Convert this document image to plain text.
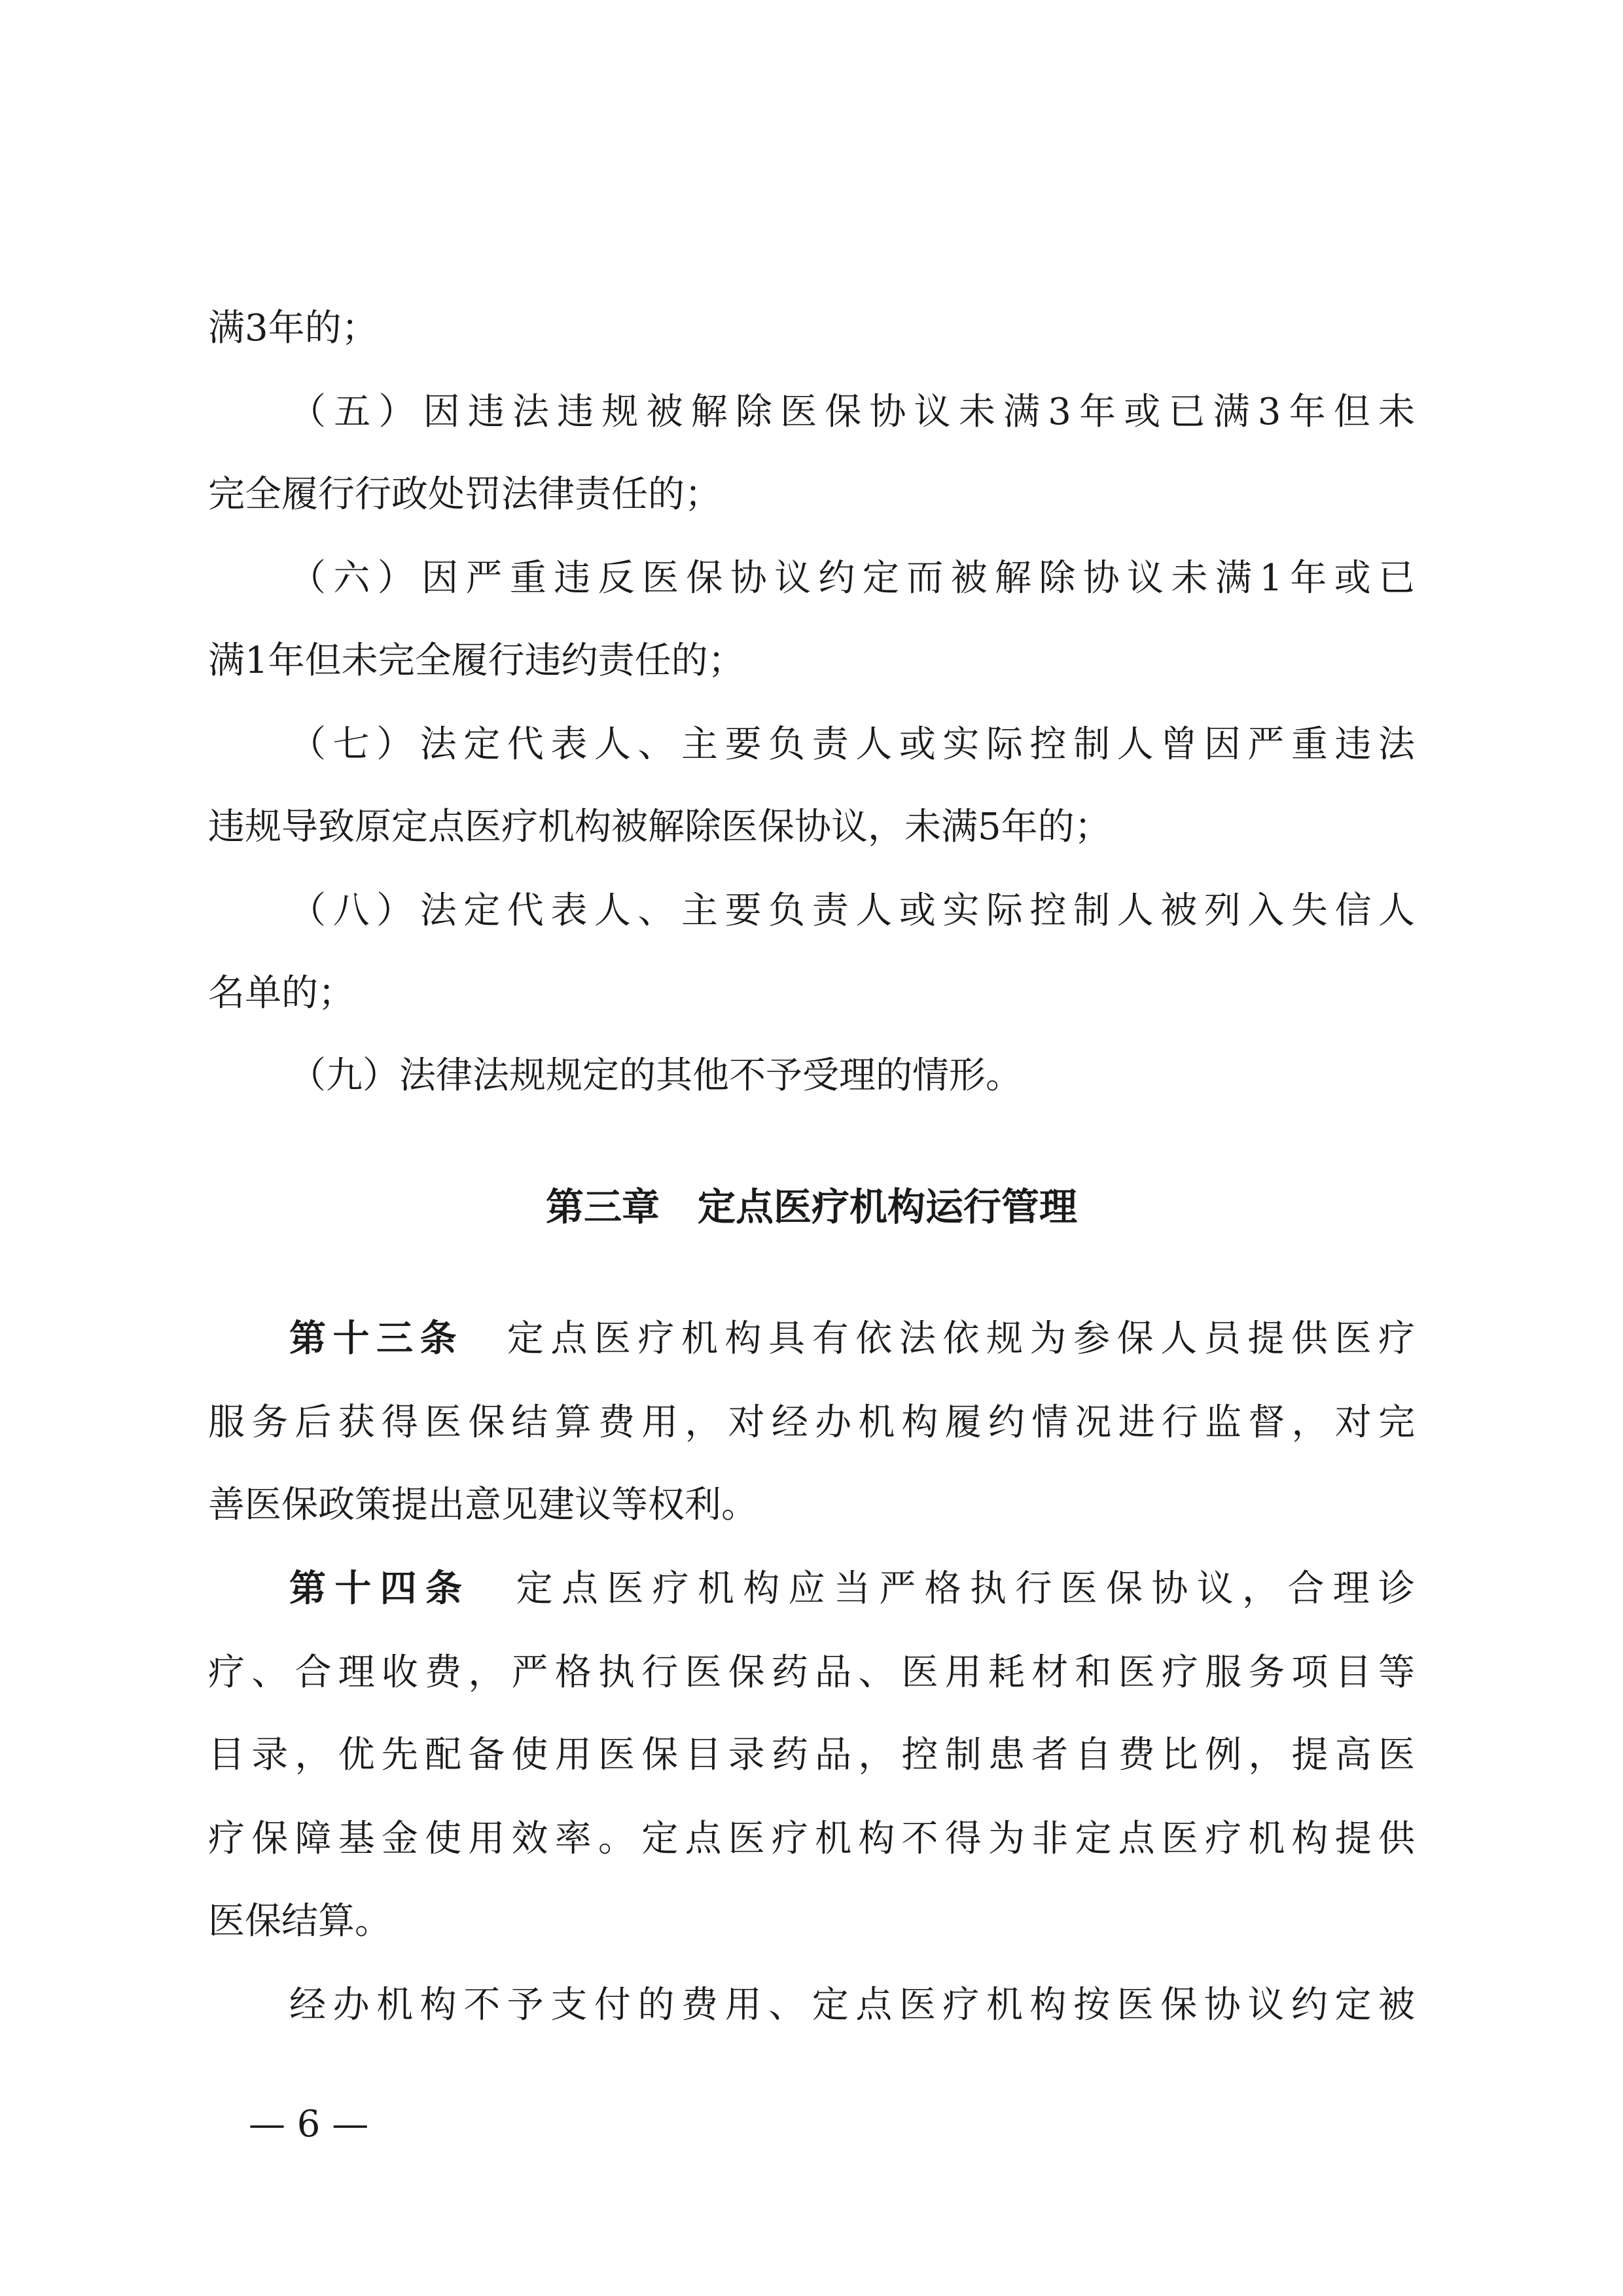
满3年的；
（五）因违法违规被解除医保协议未满3年或已满3年但未
完全履行行政处罚法律责任的；
（六）因严重违反医保协议约定而被解除协议未满1年或已
满1年但未完全履行违约责任的；
（七）法定代表人、主要负责人或实际控制人曾因严重违法
违规导致原定点医疗机构被解除医保协议，未满5年的；
（八）法定代表人、主要负责人或实际控制人被列入失信人
名单的；
（九）法律法规规定的其他不予受理的情形。
第三章　定点医疗机构运行管理
第十三条　定点医疗机构具有依法依规为参保人员提供医疗
服务后获得医保结算费用，对经办机构履约情况进行监督，对完
善医保政策提出意见建议等权利。
第十四条　定点医疗机构应当严格执行医保协议，合理诊
疗、合理收费，严格执行医保药品、医用耗材和医疗服务项目等
目录，优先配备使用医保目录药品，控制患者自费比例，提高医
疗保障基金使用效率。定点医疗机构不得为非定点医疗机构提供
医保结算。
经办机构不予支付的费用、定点医疗机构按医保协议约定被
— 6 —
